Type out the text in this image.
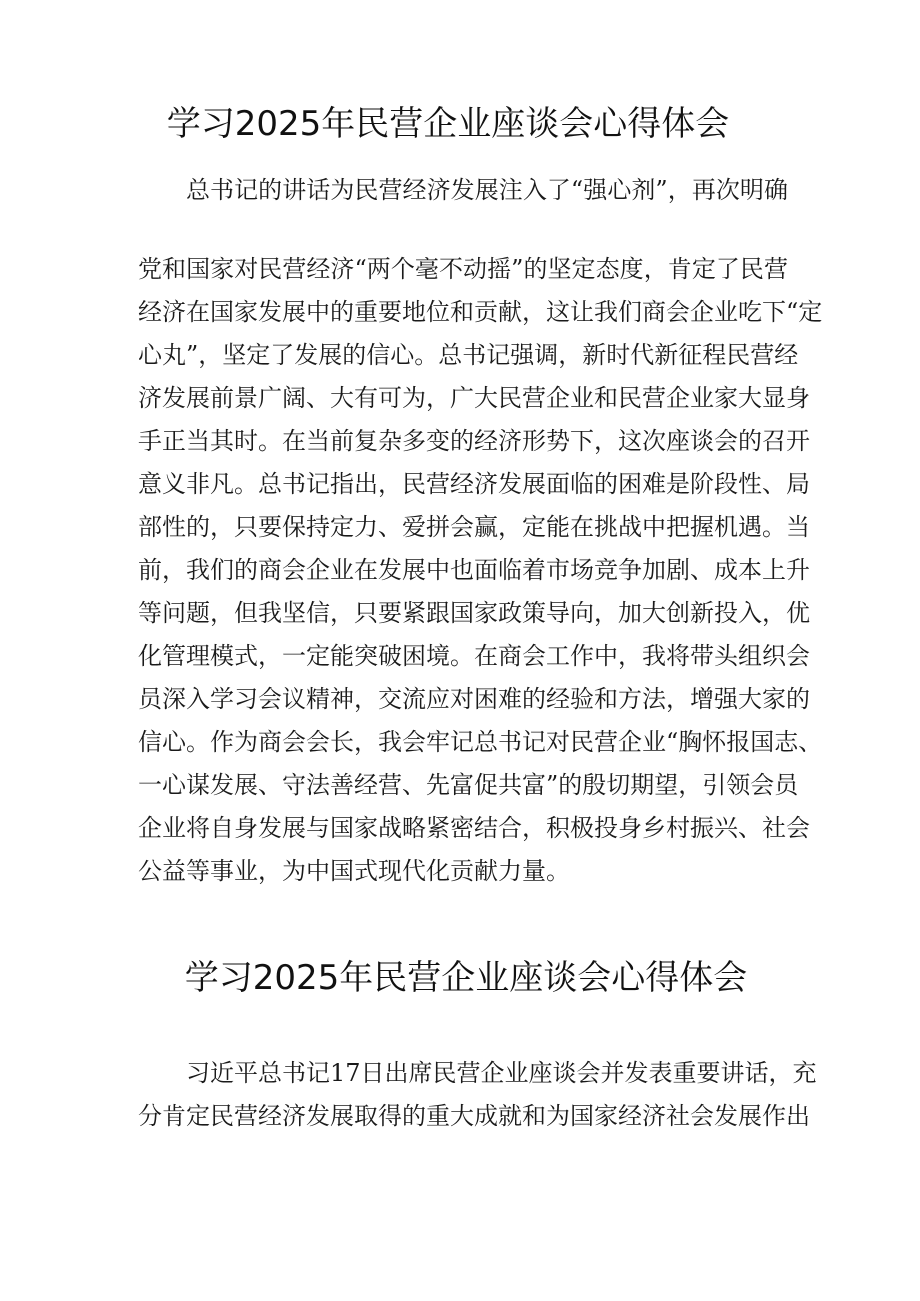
学习2025年民营企业座谈会心得体会
总书记的讲话为民营经济发展注入了“强心剂”，再次明确
党和国家对民营经济“两个毫不动摇”的坚定态度，肯定了民营
经济在国家发展中的重要地位和贡献，这让我们商会企业吃下“定
心丸”，坚定了发展的信心。总书记强调，新时代新征程民营经
济发展前景广阔、大有可为，广大民营企业和民营企业家大显身
手正当其时。在当前复杂多变的经济形势下，这次座谈会的召开
意义非凡。总书记指出，民营经济发展面临的困难是阶段性、局
部性的，只要保持定力、爱拼会赢，定能在挑战中把握机遇。当
前，我们的商会企业在发展中也面临着市场竞争加剧、成本上升
等问题，但我坚信，只要紧跟国家政策导向，加大创新投入，优
化管理模式，一定能突破困境。在商会工作中，我将带头组织会
员深入学习会议精神，交流应对困难的经验和方法，增强大家的
信心。作为商会会长，我会牢记总书记对民营企业“胸怀报国志、
一心谋发展、守法善经营、先富促共富”的殷切期望，引领会员
企业将自身发展与国家战略紧密结合，积极投身乡村振兴、社会
公益等事业，为中国式现代化贡献力量。
学习2025年民营企业座谈会心得体会
习近平总书记17日出席民营企业座谈会并发表重要讲话，充
分肯定民营经济发展取得的重大成就和为国家经济社会发展作出
